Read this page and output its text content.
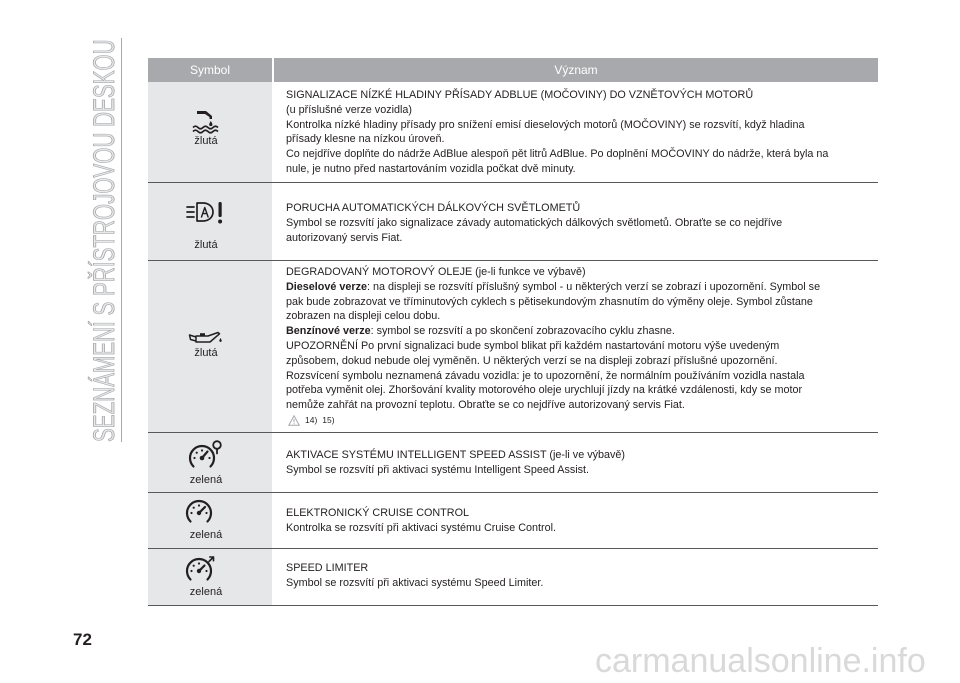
SEZNÁMENÍ S PŘÍSTROJOVOU DESKOU	Symbol	Význam
žlutá
SIGNALIZACE NÍZKÉ HLADINY PŘÍSADY ADBLUE (MOČOVINY) DO VZNĚTOVÝCH MOTORŮ
(u příslušné verze vozidla)
Kontrolka nízké hladiny přísady pro snížení emisí dieselových motorů (MOČOVINY) se rozsvítí, když hladina
přísady klesne na nízkou úroveň.
Co nejdříve doplňte do nádrže AdBlue alespoň pět litrů AdBlue. Po doplnění MOČOVINY do nádrže, která byla na
nule, je nutno před nastartováním vozidla počkat dvě minuty.
žlutá
PORUCHA AUTOMATICKÝCH DÁLKOVÝCH SVĚTLOMETŮ
Symbol se rozsvítí jako signalizace závady automatických dálkových světlometů. Obraťte se co nejdříve
autorizovaný servis Fiat.
žlutá
DEGRADOVANÝ MOTOROVÝ OLEJE (je-li funkce ve výbavě)
Dieselové verze: na displeji se rozsvítí příslušný symbol - u některých verzí se zobrazí i upozornění. Symbol se
pak bude zobrazovat ve tříminutových cyklech s pětisekundovým zhasnutím do výměny oleje. Symbol zůstane
zobrazen na displeji celou dobu.
Benzínové verze: symbol se rozsvítí a po skončení zobrazovacího cyklu zhasne.
UPOZORNĚNÍ Po první signalizaci bude symbol blikat při každém nastartování motoru výše uvedeným
způsobem, dokud nebude olej vyměněn. U některých verzí se na displeji zobrazí příslušné upozornění.
Rozsvícení symbolu neznamená závadu vozidla: je to upozornění, že normálním používáním vozidla nastala
potřeba vyměnit olej. Zhoršování kvality motorového oleje urychlují jízdy na krátké vzdálenosti, kdy se motor
nemůže zahřát na provozní teplotu. Obraťte se co nejdříve autorizovaný servis Fiat.
14) 15)
zelená
AKTIVACE SYSTÉMU INTELLIGENT SPEED ASSIST (je-li ve výbavě)
Symbol se rozsvítí při aktivaci systému Intelligent Speed Assist.
zelená
ELEKTRONICKÝ CRUISE CONTROL
Kontrolka se rozsvítí při aktivaci systému Cruise Control.
zelená
SPEED LIMITER
Symbol se rozsvítí při aktivaci systému Speed Limiter.
72
carmanualsonline.info
